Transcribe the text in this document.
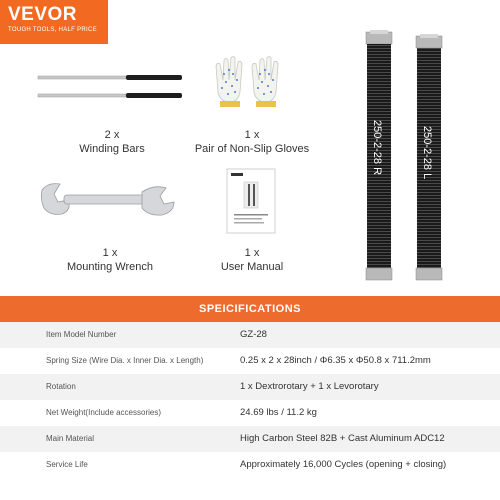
VEVOR
TOUGH TOOLS, HALF PRICE
2 x
Winding Bars
1 x
Pair of Non-Slip Gloves
1 x
Mounting Wrench
1 x
User Manual
250-2-28 R	250-2-28 L
SPEICIFICATIONS
Item Model Number	GZ-28
Spring Size (Wire Dia. x Inner Dia. x Length)	0.25 x 2 x 28inch / Φ6.35 x Φ50.8 x 711.2mm
Rotation	1 x Dextrorotary + 1 x Levorotary
Net Weight(Include accessories)	24.69 lbs / 11.2 kg
Main Material	High Carbon Steel 82B + Cast Aluminum ADC12
Service Life	Approximately 16,000 Cycles (opening + closing)
